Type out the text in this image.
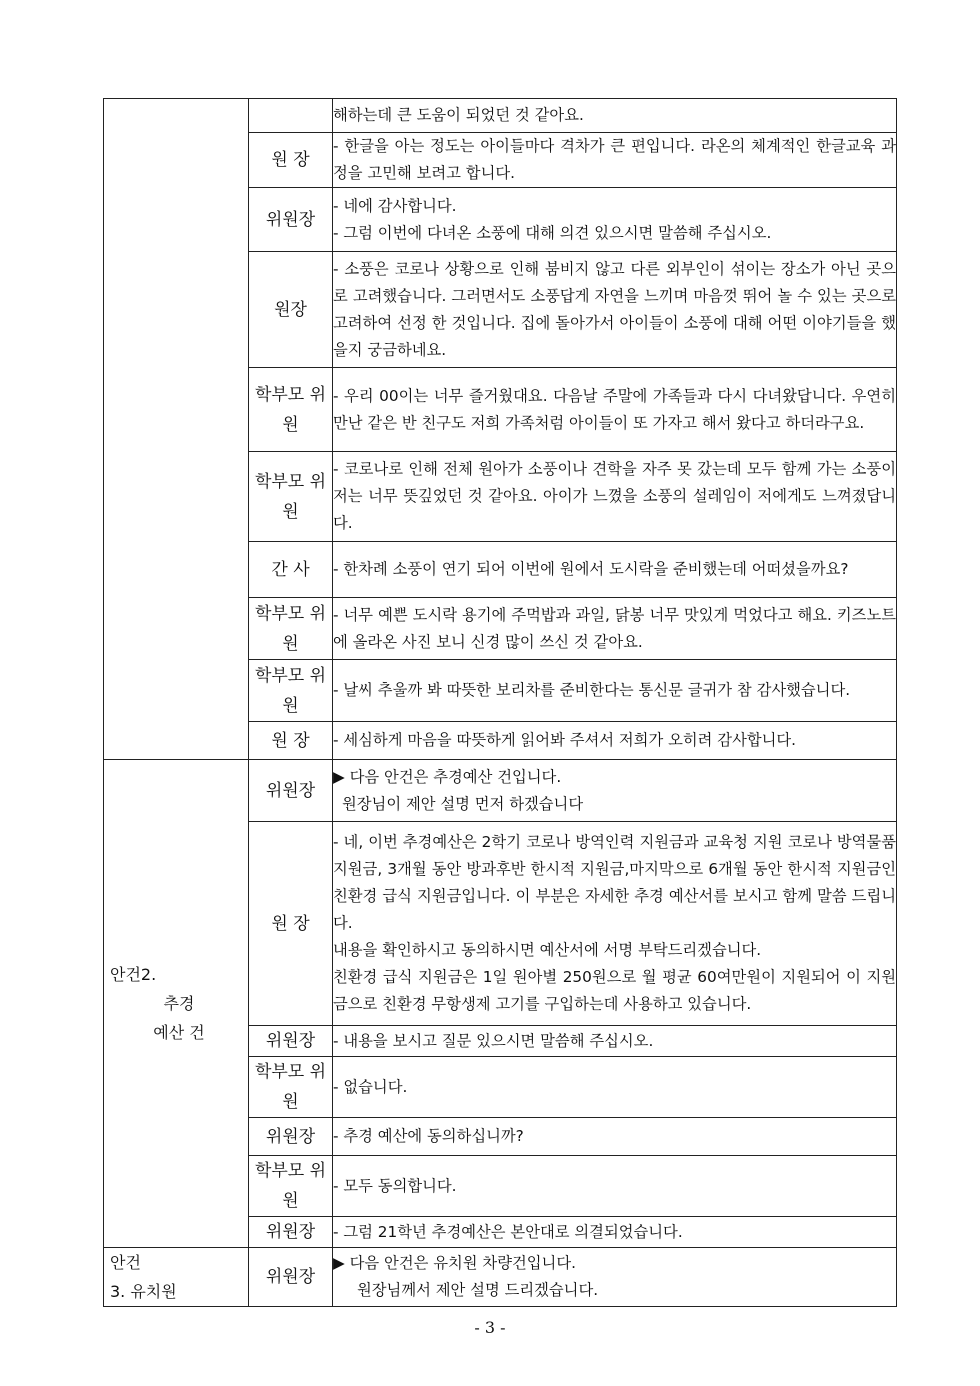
		해하는데 큰 도움이 되었던 것 같아요.

	원 장	- 한글을 아는 정도는 아이들마다 격차가 큰 편입니다. 라온의 체계적인 한글교육 과정을 고민해 보려고 합니다.

	위원장	- 네에 감사합니다.
- 그럼 이번에 다녀온 소풍에 대해 의견 있으시면 말씀해 주십시오.

	원장	- 소풍은 코로나 상황으로 인해 붐비지 않고 다른 외부인이 섞이는 장소가 아닌 곳으로 고려했습니다. 그러면서도 소풍답게 자연을 느끼며 마음껏 뛰어 놀 수 있는 곳으로 고려하여 선정 한 것입니다. 집에 돌아가서 아이들이 소풍에 대해 어떤 이야기들을 했을지 궁금하네요.

	학부모 위원	- 우리 00이는 너무 즐거웠대요. 다음날 주말에 가족들과 다시 다녀왔답니다. 우연히 만난 같은 반 친구도 저희 가족처럼 아이들이 또 가자고 해서 왔다고 하더라구요.

	학부모 위원	- 코로나로 인해 전체 원아가 소풍이나 견학을 자주 못 갔는데 모두 함께 가는 소풍이 저는 너무 뜻깊었던 것 같아요. 아이가 느꼈을 소풍의 설레임이 저에게도 느껴졌답니다.

	간 사	- 한차례 소풍이 연기 되어 이번에 원에서 도시락을 준비했는데 어떠셨을까요?

	학부모 위원	- 너무 예쁜 도시락 용기에 주먹밥과 과일, 닭봉 너무 맛있게 먹었다고 해요. 키즈노트에 올라온 사진 보니 신경 많이 쓰신 것 같아요.

	학부모 위원	- 날씨 추울까 봐 따뜻한 보리차를 준비한다는 통신문 글귀가 참 감사했습니다.

	원 장	- 세심하게 마음을 따뜻하게 읽어봐 주셔서 저희가 오히려 감사합니다.

안건2.
추경
예산 건	위원장	▶ 다음 안건은 추경예산 건입니다.
원장님이 제안 설명 먼저 하겠습니다

	원 장	- 네, 이번 추경예산은 2학기 코로나 방역인력 지원금과 교육청 지원 코로나 방역물품 지원금, 3개월 동안 방과후반 한시적 지원금,마지막으로 6개월 동안 한시적 지원금인 친환경 급식 지원금입니다. 이 부분은 자세한 추경 예산서를 보시고 함께 말씀 드립니다.
내용을 확인하시고 동의하시면 예산서에 서명 부탁드리겠습니다.
친환경 급식 지원금은 1일 원아별 250원으로 월 평균 60여만원이 지원되어 이 지원금으로 친환경 무항생제 고기를 구입하는데 사용하고 있습니다.

	위원장	- 내용을 보시고 질문 있으시면 말씀해 주십시오.

	학부모 위원	- 없습니다.

	위원장	- 추경 예산에 동의하십니까?

	학부모 위원	- 모두 동의합니다.

	위원장	- 그럼 21학년 추경예산은 본안대로 의결되었습니다.

안건
3. 유치원	위원장	▶ 다음 안건은 유치원 차량건입니다.
원장님께서 제안 설명 드리겠습니다.
- 3 -
